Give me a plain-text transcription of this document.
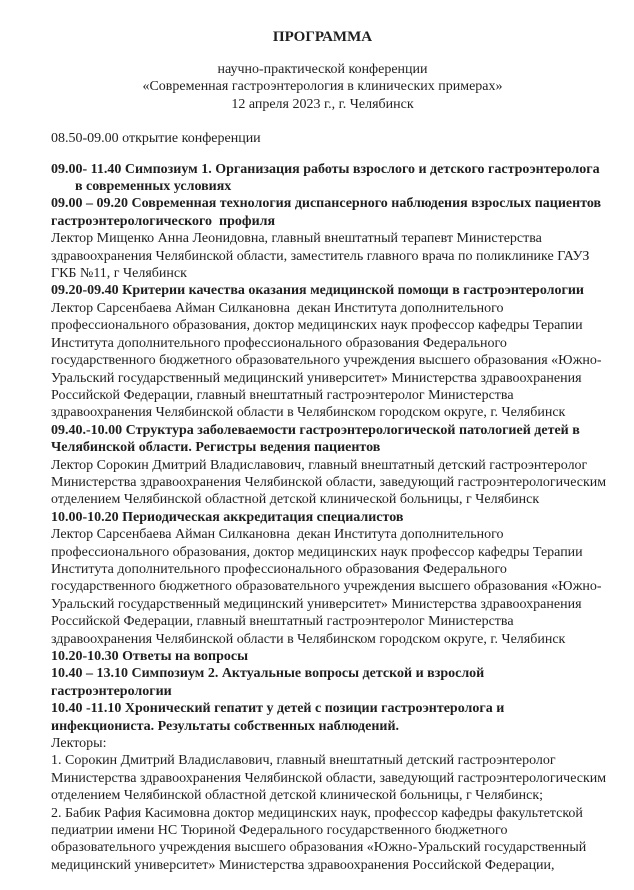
ПРОГРАММА
научно-практической конференции
«Современная гастроэнтерология в клинических примерах»
12 апреля 2023 г., г. Челябинск
08.50-09.00 открытие конференции
09.00- 11.40 Симпозиум 1. Организация работы взрослого и детского гастроэнтеролога
в современных условиях
09.00 – 09.20 Современная технология диспансерного наблюдения взрослых пациентов
гастроэнтерологического  профиля
Лектор Мищенко Анна Леонидовна, главный внештатный терапевт Министерства
здравоохранения Челябинской области, заместитель главного врача по поликлинике ГАУЗ
ГКБ №11, г Челябинск
09.20-09.40 Критерии качества оказания медицинской помощи в гастроэнтерологии
Лектор Сарсенбаева Айман Силкановна  декан Института дополнительного
профессионального образования, доктор медицинских наук профессор кафедры Терапии
Института дополнительного профессионального образования Федерального
государственного бюджетного образовательного учреждения высшего образования «Южно-
Уральский государственный медицинский университет» Министерства здравоохранения
Российской Федерации, главный внештатный гастроэнтеролог Министерства
здравоохранения Челябинской области в Челябинском городском округе, г. Челябинск
09.40.-10.00 Структура заболеваемости гастроэнтерологической патологией детей в
Челябинской области. Регистры ведения пациентов
Лектор Сорокин Дмитрий Владиславович, главный внештатный детский гастроэнтеролог
Министерства здравоохранения Челябинской области, заведующий гастроэнтерологическим
отделением Челябинской областной детской клинической больницы, г Челябинск
10.00-10.20 Периодическая аккредитация специалистов
Лектор Сарсенбаева Айман Силкановна  декан Института дополнительного
профессионального образования, доктор медицинских наук профессор кафедры Терапии
Института дополнительного профессионального образования Федерального
государственного бюджетного образовательного учреждения высшего образования «Южно-
Уральский государственный медицинский университет» Министерства здравоохранения
Российской Федерации, главный внештатный гастроэнтеролог Министерства
здравоохранения Челябинской области в Челябинском городском округе, г. Челябинск
10.20-10.30 Ответы на вопросы
10.40 – 13.10 Симпозиум 2. Актуальные вопросы детской и взрослой
гастроэнтерологии
10.40 -11.10 Хронический гепатит у детей с позиции гастроэнтеролога и
инфекциониста. Результаты собственных наблюдений.
Лекторы:
1. Сорокин Дмитрий Владиславович, главный внештатный детский гастроэнтеролог
Министерства здравоохранения Челябинской области, заведующий гастроэнтерологическим
отделением Челябинской областной детской клинической больницы, г Челябинск;
2. Бабик Рафия Касимовна доктор медицинских наук, профессор кафедры факультетской
педиатрии имени НС Тюриной Федерального государственного бюджетного
образовательного учреждения высшего образования «Южно-Уральский государственный
медицинский университет» Министерства здравоохранения Российской Федерации,
